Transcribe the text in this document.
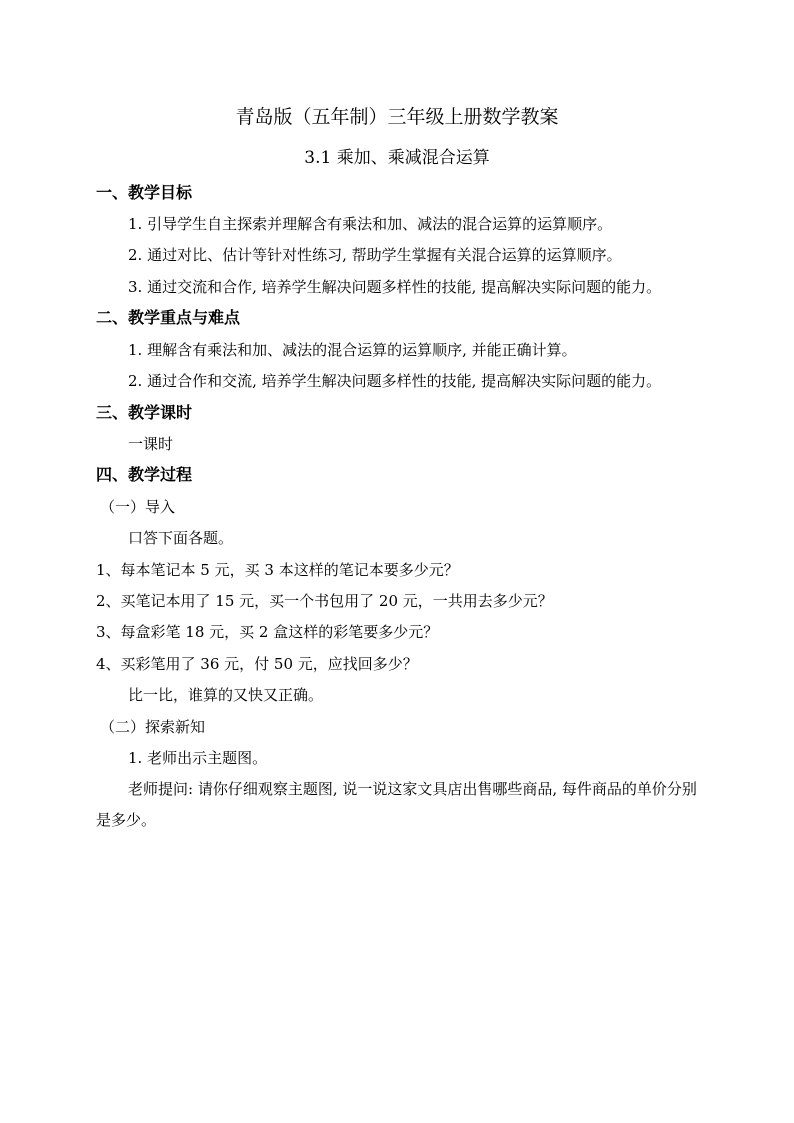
青岛版（五年制）三年级上册数学教案
3.1 乘加、乘减混合运算
一、教学目标
1. 引导学生自主探索并理解含有乘法和加、减法的混合运算的运算顺序。
2. 通过对比、估计等针对性练习, 帮助学生掌握有关混合运算的运算顺序。
3. 通过交流和合作, 培养学生解决问题多样性的技能, 提高解决实际问题的能力。
二、教学重点与难点
1. 理解含有乘法和加、减法的混合运算的运算顺序, 并能正确计算。
2. 通过合作和交流, 培养学生解决问题多样性的技能, 提高解决实际问题的能力。
三、教学课时
一课时
四、教学过程
（一）导入
口答下面各题。
1、每本笔记本 5 元，买 3 本这样的笔记本要多少元？
2、买笔记本用了 15 元，买一个书包用了 20 元，一共用去多少元？
3、每盒彩笔 18 元，买 2 盒这样的彩笔要多少元？
4、买彩笔用了 36 元，付 50 元，应找回多少？
比一比，谁算的又快又正确。
（二）探索新知
1. 老师出示主题图。
老师提问: 请你仔细观察主题图, 说一说这家文具店出售哪些商品, 每件商品的单价分别是多少。
